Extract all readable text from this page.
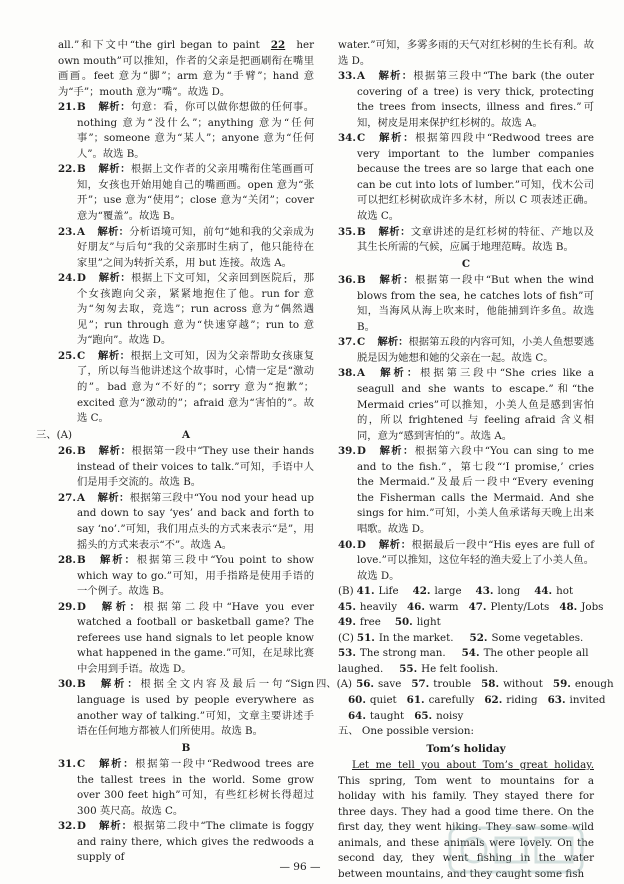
all.”和下文中“the girl began to paint 22 her own mouth”可以推知，作者的父亲是把画刷衔在嘴里画画。feet 意为“脚”；arm 意为“手臂”；hand 意为“手”；mouth 意为“嘴”。故选 D。

21. B  解析：句意：看，你可以做你想做的任何事。nothing 意为“没什么”；anything 意为“任何事”；someone 意为“某人”；anyone 意为“任何人”。故选 B。
22. B  解析：根据上文作者的父亲用嘴衔住笔画画可知，女孩也开始用她自己的嘴画画。open 意为“张开”；use 意为“使用”；close 意为“关闭”；cover 意为“覆盖”。故选 B。
23. A  解析：分析语境可知，前句“她和我的父亲成为好朋友”与后句“我的父亲那时生病了，他只能待在家里”之间为转折关系，用 but 连接。故选 A。
24. D  解析：根据上下文可知，父亲回到医院后，那个女孩跑向父亲，紧紧地抱住了他。run for 意为“匆匆去取，竞选”；run across 意为“偶然遇见”；run through 意为“快速穿越”；run to 意为“跑向”。故选 D。
25. C  解析：根据上文可知，因为父亲帮助女孩康复了，所以每当他讲述这个故事时，心情一定是“激动的”。bad 意为“不好的”；sorry 意为“抱歉”；excited 意为“激动的”；afraid 意为“害怕的”。故选 C。
三、(A)	A
26. B  解析：根据第一段中“They use their hands instead of their voices to talk.”可知，手语中人们是用手交流的。故选 B。
27. A  解析：根据第三段中“You nod your head up and down to say ‘yes’ and back and forth to say ‘no’.”可知，我们用点头的方式来表示“是”，用摇头的方式来表示“不”。故选 A。
28. B  解析：根据第三段中“You point to show which way to go.”可知，用手指路是使用手语的一个例子。故选 B。
29. D  解析：根据第二段中“Have you ever watched a football or basketball game? The referees use hand signals to let people know what happened in the game.”可知，在足球比赛中会用到手语。故选 D。
30. B  解析：根据全文内容及最后一句“Sign language is used by people everywhere as another way of talking.”可知，文章主要讲述手语在任何地方都被人们所使用。故选 B。
B
31. C  解析：根据第一段中“Redwood trees are the tallest trees in the world. Some grow over 300 feet high”可知，有些红杉树长得超过 300 英尺高。故选 C。
32. D  解析：根据第二段中“The climate is foggy and rainy there, which gives the redwoods a supply of

water.”可知，多雾多雨的天气对红杉树的生长有利。故选 D。

33. A  解析：根据第三段中“The bark (the outer covering of a tree) is very thick, protecting the trees from insects, illness and fires.”可知，树皮是用来保护红杉树的。故选 A。
34. C  解析：根据第四段中“Redwood trees are very important to the lumber companies because the trees are so large that each one can be cut into lots of lumber.”可知，伐木公司可以把红杉树砍成许多木材，所以 C 项表述正确。故选 C。
35. B  解析：文章讲述的是红杉树的特征、产地以及其生长所需的气候，应属于地理范畴。故选 B。
C
36. B  解析：根据第一段中“But when the wind blows from the sea, he catches lots of fish”可知，当海风从海上吹来时，他能捕到许多鱼。故选 B。
37. C  解析：根据第五段的内容可知，小美人鱼想要逃脱是因为她想和她的父亲在一起。故选 C。
38. A  解析：根据第三段中“She cries like a seagull and she wants to escape.”和“the Mermaid cries”可以推知，小美人鱼是感到害怕的，所以 frightened 与 feeling afraid 含义相同，意为“感到害怕的”。故选 A。
39. D  解析：根据第六段中“You can sing to me and to the fish.”，第七段“‘I promise,’ cries the Mermaid.”及最后一段中“Every evening the Fisherman calls the Mermaid. And she sings for him.”可知，小美人鱼承诺每天晚上出来唱歌。故选 D。
40. D  解析：根据最后一段中“His eyes are full of love.”可以推知，这位年轻的渔夫爱上了小美人鱼。故选 D。
(B) 41. Life 42. large 43. long 44. hot
45. heavily 46. warm 47. Plenty/Lots 48. Jobs
49. free 50. light
(C) 51. In the market. 52. Some vegetables.
53. The strong man. 54. The other people all
laughed. 55. He felt foolish.
四、(A) 56. save 57. trouble 58. without 59. enough
60. quiet 61. carefully 62. riding 63. invited
64. taught 65. noisy
五、 One possible version:
Tom’s holiday

Let me tell you about Tom’s great holiday. This spring, Tom went to mountains for a holiday with his family. They stayed there for three days. They had a good time there. On the first day, they went hiking. They saw some wild animals, and these animals were lovely. On the second day, they went fishing in the water between mountains, and they caught some fish

— 96 —
